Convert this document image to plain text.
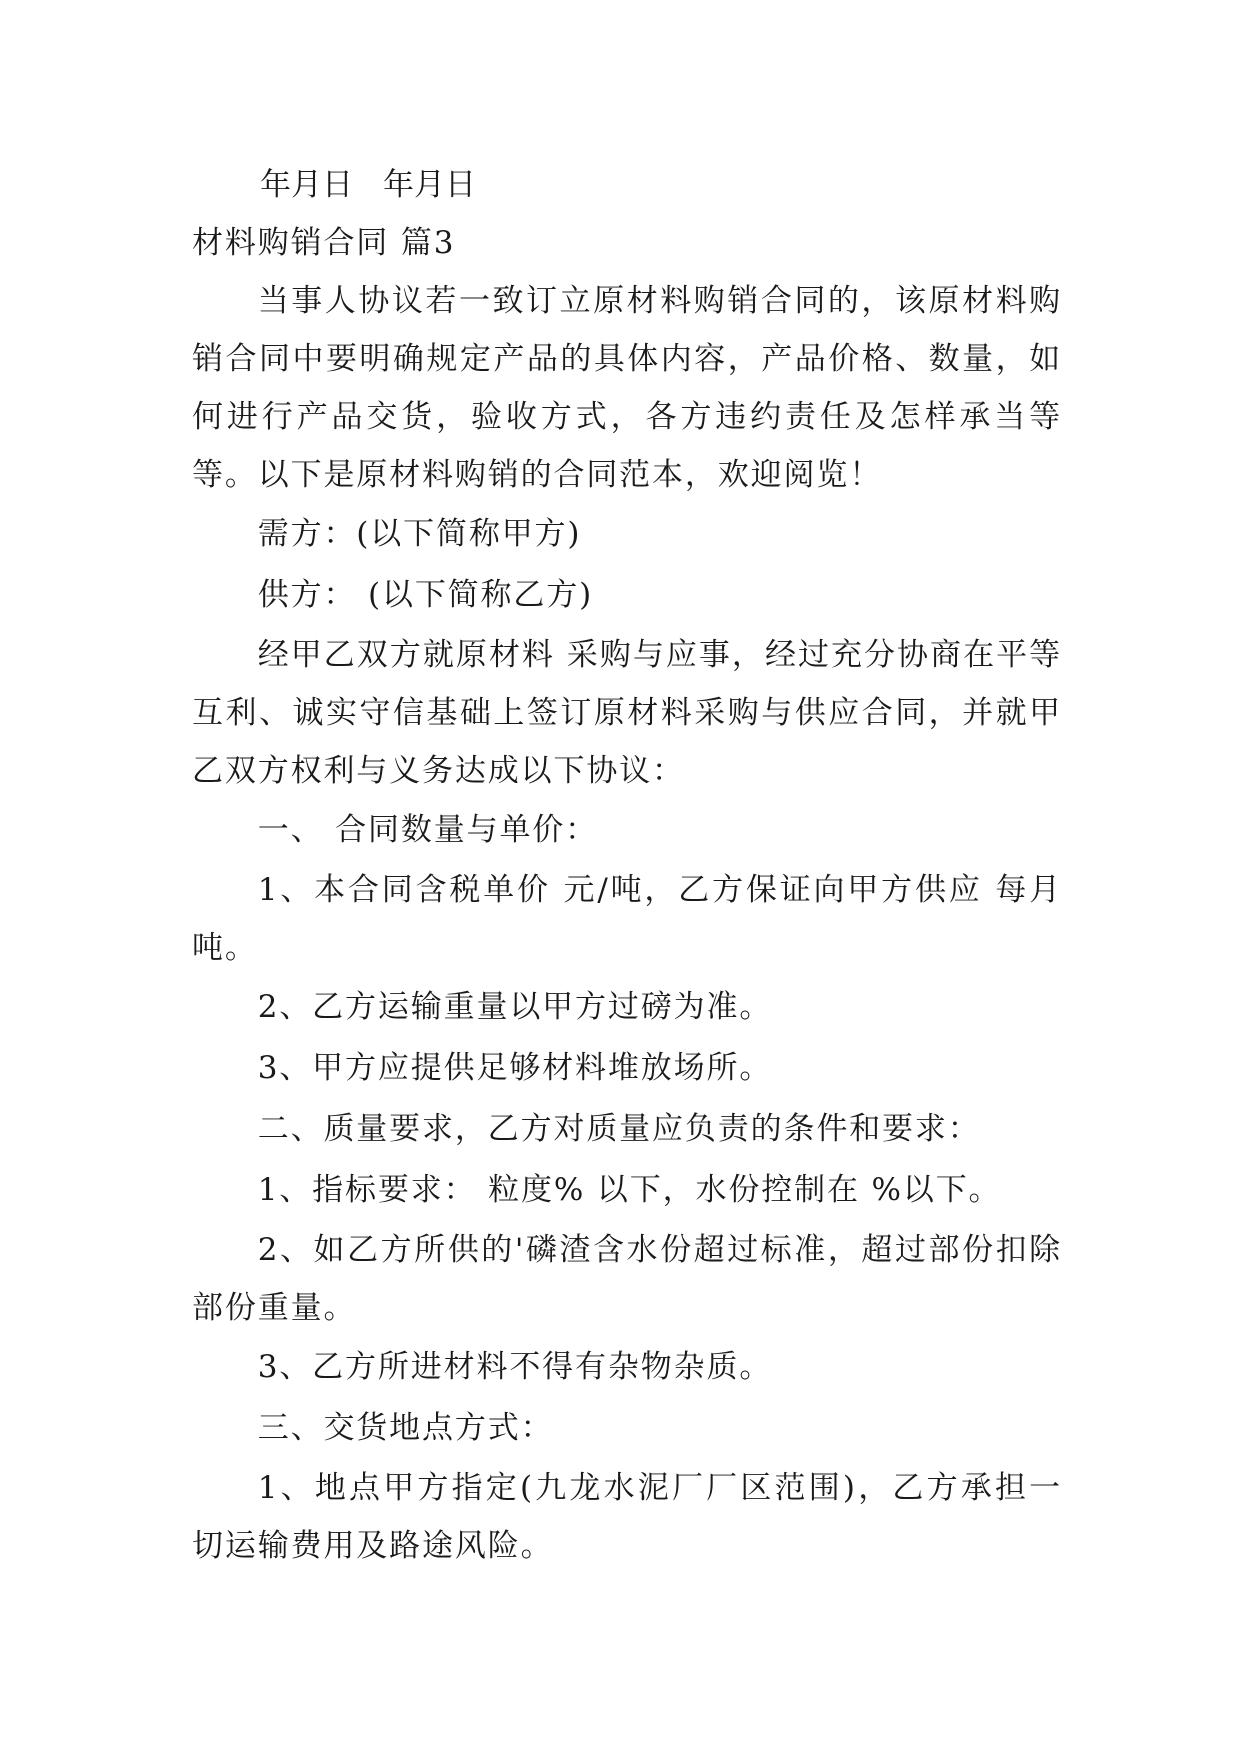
年月日 年月日

材料购销合同 篇3

当事人协议若一致订立原材料购销合同的，该原材料购销合同中要明确规定产品的具体内容，产品价格、数量，如何进行产品交货，验收方式，各方违约责任及怎样承当等等。以下是原材料购销的合同范本，欢迎阅览！

需方：(以下简称甲方)

供方： (以下简称乙方)

经甲乙双方就原材料 采购与应事，经过充分协商在平等互利、诚实守信基础上签订原材料采购与供应合同，并就甲乙双方权利与义务达成以下协议：

一、 合同数量与单价：

1、本合同含税单价 元/吨，乙方保证向甲方供应 每月 吨。

2、乙方运输重量以甲方过磅为准。

3、甲方应提供足够材料堆放场所。

二、质量要求，乙方对质量应负责的条件和要求：

1、指标要求： 粒度% 以下，水份控制在 %以下。

2、如乙方所供的'磷渣含水份超过标准，超过部份扣除 部份重量。

3、乙方所进材料不得有杂物杂质。

三、交货地点方式：

1、地点甲方指定(九龙水泥厂厂区范围)，乙方承担一切运输费用及路途风险。
